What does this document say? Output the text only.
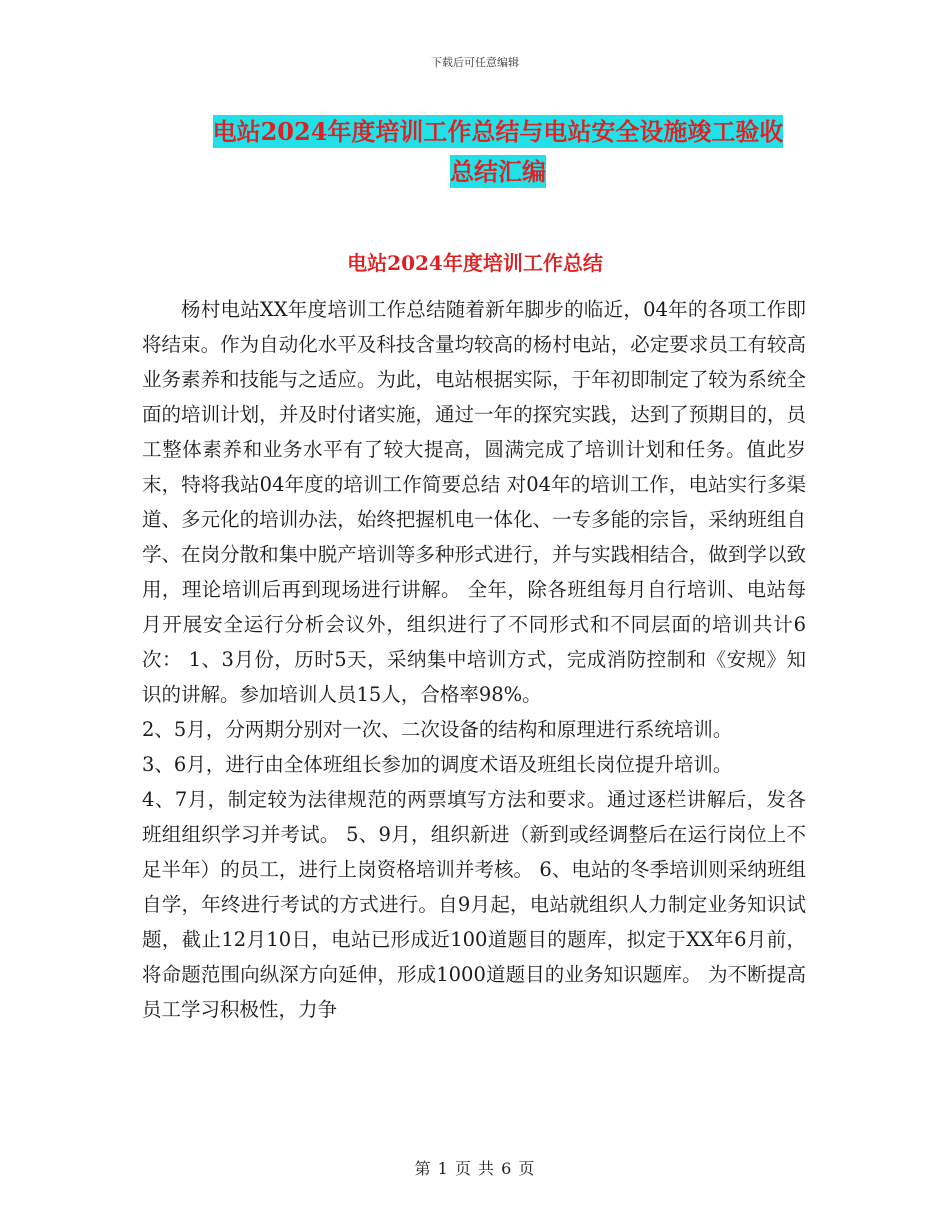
下载后可任意编辑
电站2024年度培训工作总结与电站安全设施竣工验收
总结汇编
电站2024年度培训工作总结

杨村电站XX年度培训工作总结随着新年脚步的临近，04年的各项工作即将结束。作为自动化水平及科技含量均较高的杨村电站，必定要求员工有较高业务素养和技能与之适应。为此，电站根据实际，于年初即制定了较为系统全面的培训计划，并及时付诸实施，通过一年的探究实践，达到了预期目的，员工整体素养和业务水平有了较大提高，圆满完成了培训计划和任务。值此岁末，特将我站04年度的培训工作简要总结 对04年的培训工作，电站实行多渠道、多元化的培训办法，始终把握机电一体化、一专多能的宗旨，采纳班组自学、在岗分散和集中脱产培训等多种形式进行，并与实践相结合，做到学以致用，理论培训后再到现场进行讲解。 全年，除各班组每月自行培训、电站每月开展安全运行分析会议外，组织进行了不同形式和不同层面的培训共计6次： 1、3月份，历时5天，采纳集中培训方式，完成消防控制和《安规》知识的讲解。参加培训人员15人，合格率98%。

2、5月，分两期分别对一次、二次设备的结构和原理进行系统培训。

3、6月，进行由全体班组长参加的调度术语及班组长岗位提升培训。

4、7月，制定较为法律规范的两票填写方法和要求。通过逐栏讲解后，发各班组组织学习并考试。 5、9月，组织新进（新到或经调整后在运行岗位上不足半年）的员工，进行上岗资格培训并考核。 6、电站的冬季培训则采纳班组自学，年终进行考试的方式进行。自9月起，电站就组织人力制定业务知识试题，截止12月10日，电站已形成近100道题目的题库，拟定于XX年6月前，将命题范围向纵深方向延伸，形成1000道题目的业务知识题库。 为不断提高员工学习积极性，力争

第 1 页 共 6 页
